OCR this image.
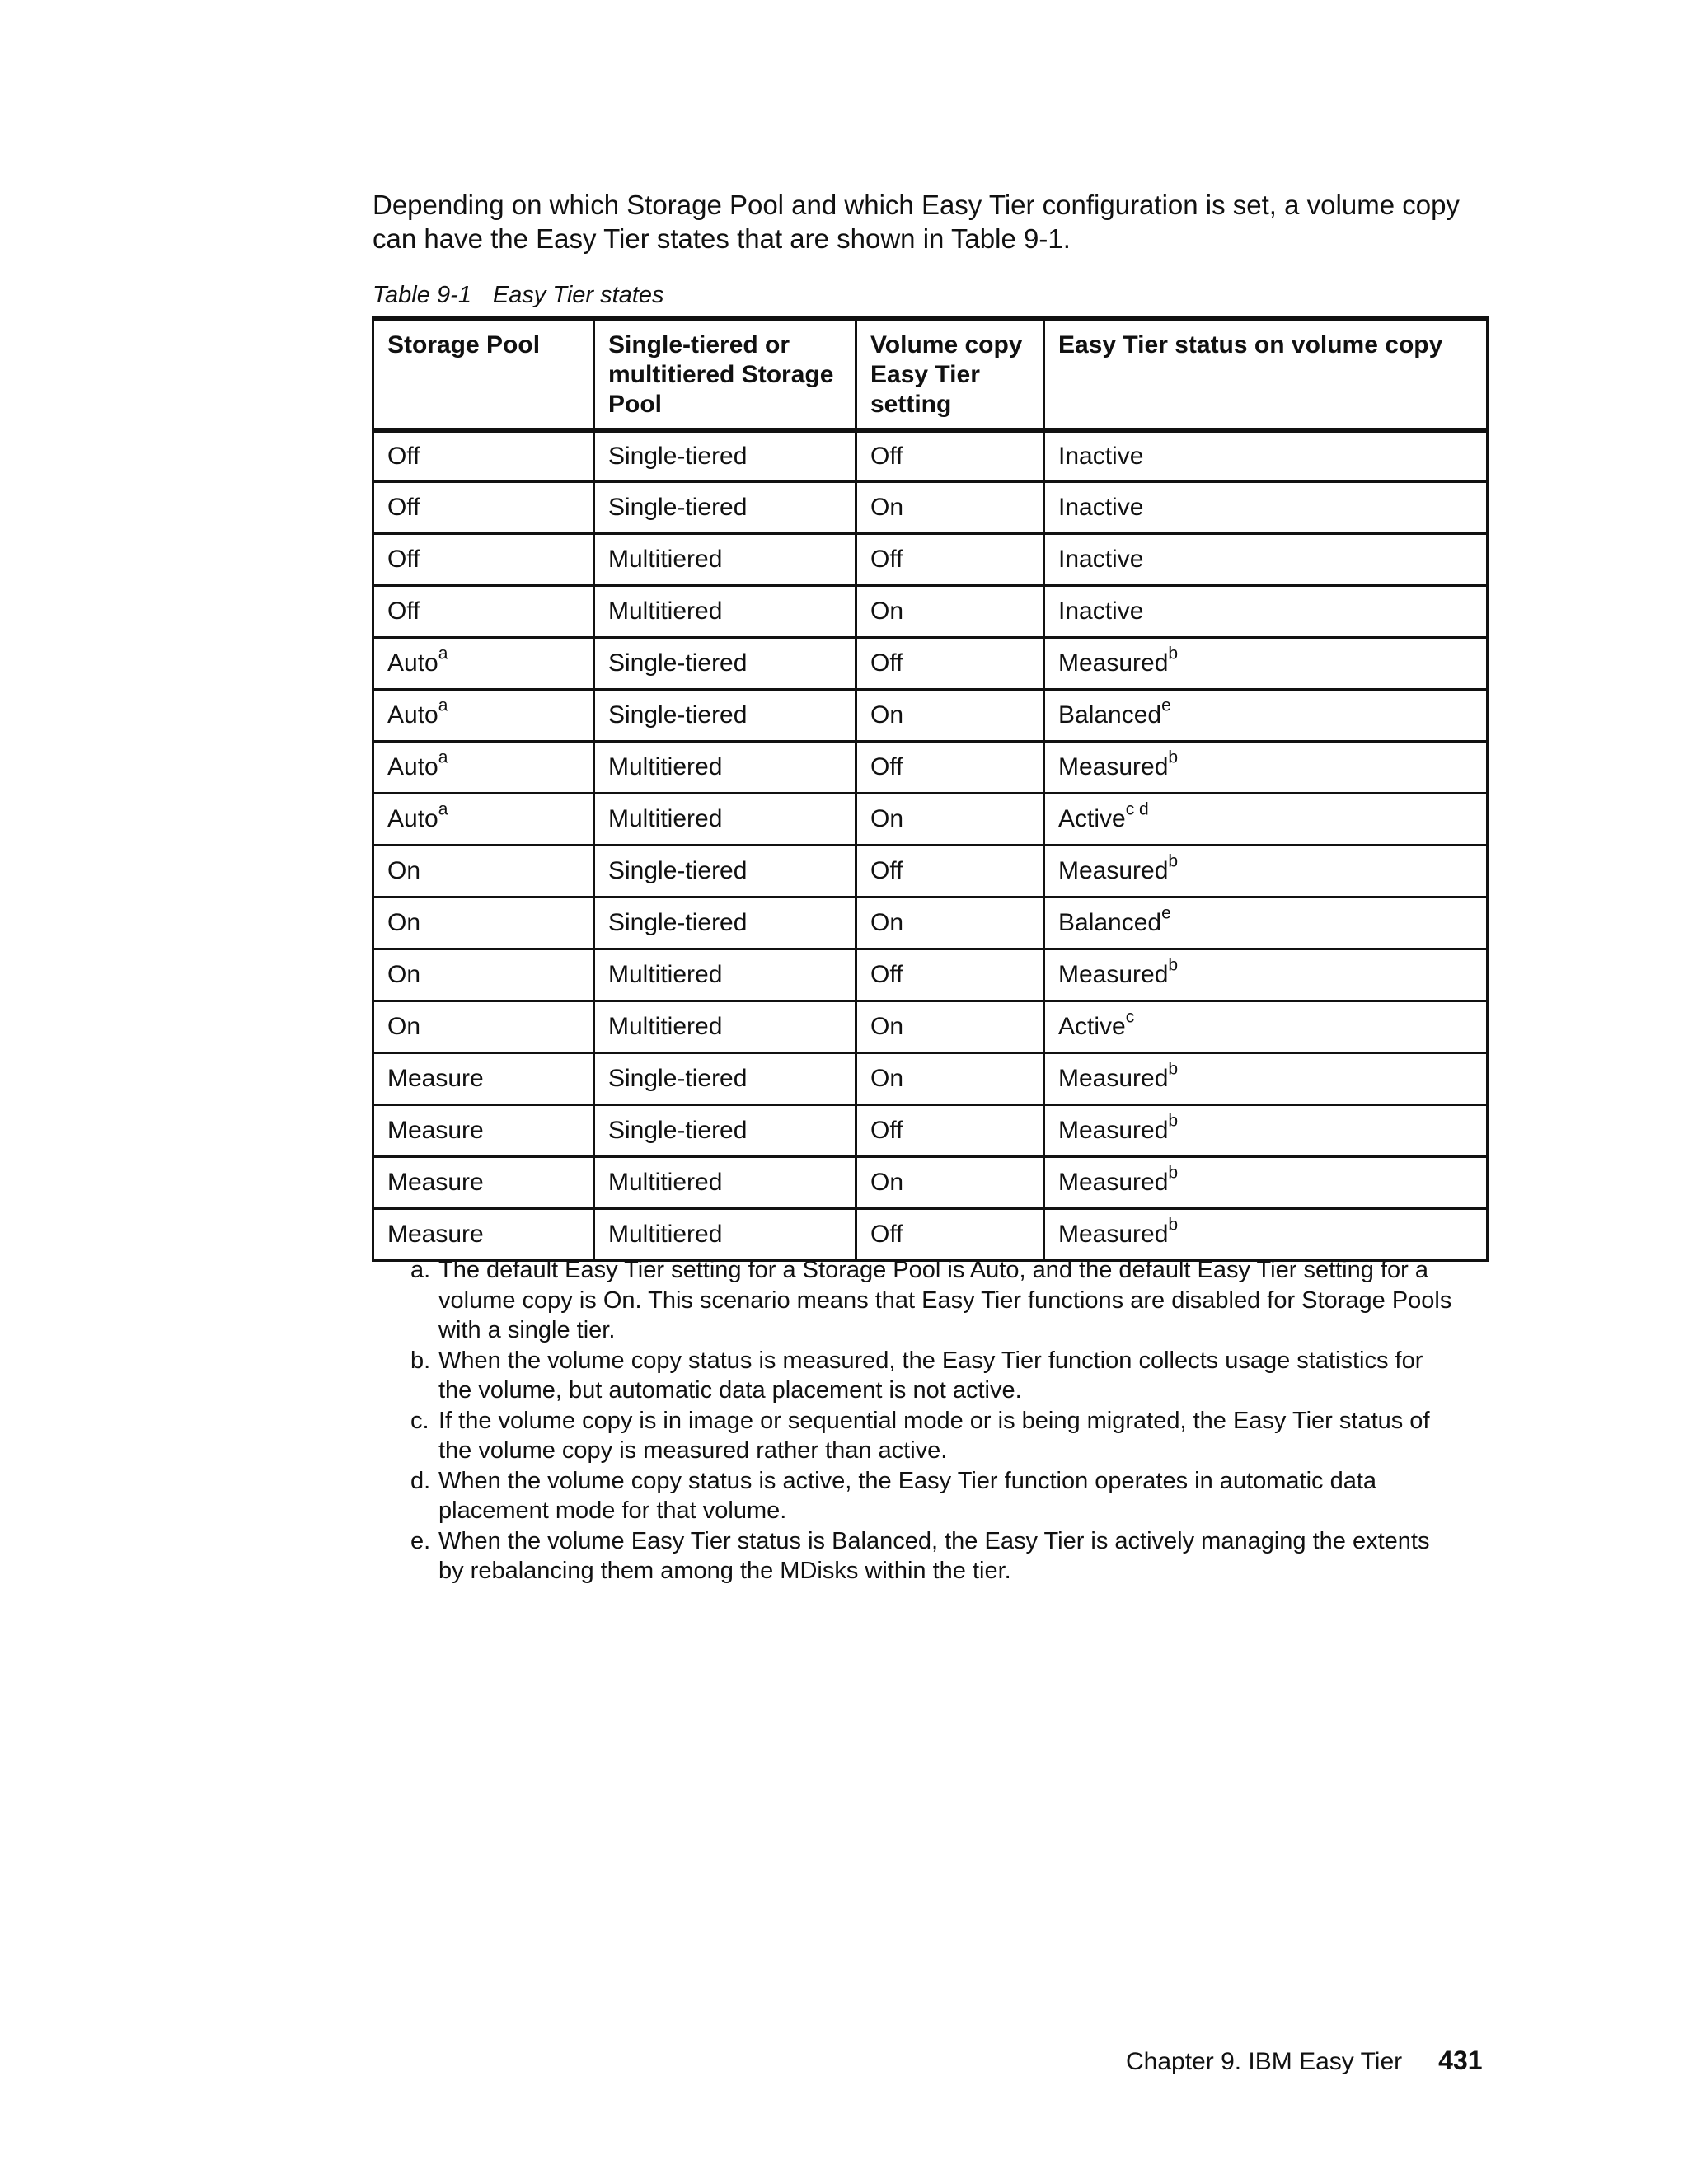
Depending on which Storage Pool and which Easy Tier configuration is set, a volume copy can have the Easy Tier states that are shown in Table 9-1.

Table 9-1 Easy Tier states

Storage Pool	Single-tiered or multitiered Storage Pool	Volume copy Easy Tier setting	Easy Tier status on volume copy
Off	Single-tiered	Off	Inactive
Off	Single-tiered	On	Inactive
Off	Multitiered	Off	Inactive
Off	Multitiered	On	Inactive
Auto$^a$	Single-tiered	Off	Measured$^b$
Auto$^a$	Single-tiered	On	Balanced$^e$
Auto$^a$	Multitiered	Off	Measured$^b$
Auto$^a$	Multitiered	On	Active$^{c d}$
On	Single-tiered	Off	Measured$^b$
On	Single-tiered	On	Balanced$^e$
On	Multitiered	Off	Measured$^b$
On	Multitiered	On	Active$^c$
Measure	Single-tiered	On	Measured$^b$
Measure	Single-tiered	Off	Measured$^b$
Measure	Multitiered	On	Measured$^b$
Measure	Multitiered	Off	Measured$^b$
a. The default Easy Tier setting for a Storage Pool is Auto, and the default Easy Tier setting for a volume copy is On. This scenario means that Easy Tier functions are disabled for Storage Pools with a single tier.
b. When the volume copy status is measured, the Easy Tier function collects usage statistics for the volume, but automatic data placement is not active.
c. If the volume copy is in image or sequential mode or is being migrated, the Easy Tier status of the volume copy is measured rather than active.
d. When the volume copy status is active, the Easy Tier function operates in automatic data placement mode for that volume.
e. When the volume Easy Tier status is Balanced, the Easy Tier is actively managing the extents by rebalancing them among the MDisks within the tier.
Chapter 9. IBM Easy Tier 431
